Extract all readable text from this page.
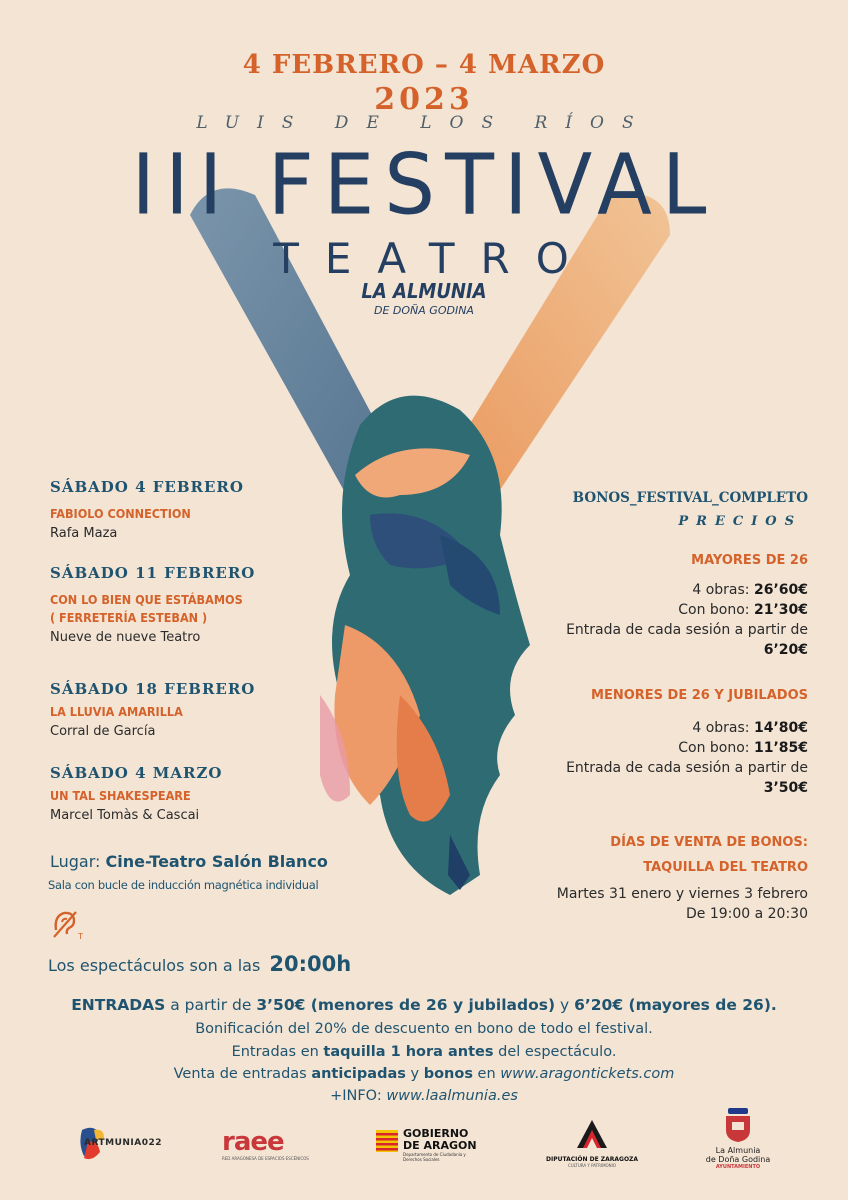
4 FEBRERO – 4 MARZO
2023
LUIS DE LOS RÍOS
III FESTIVAL
TEATRO
LA ALMUNIA
DE DOÑA GODINA
SÁBADO 4 FEBRERO
FABIOLO CONNECTION
Rafa Maza
SÁBADO 11 FEBRERO
CON LO BIEN QUE ESTÁBAMOS
( FERRETERÍA ESTEBAN )
Nueve de nueve Teatro
SÁBADO 18 FEBRERO
LA LLUVIA AMARILLA
Corral de García
SÁBADO 4 MARZO
UN TAL SHAKESPEARE
Marcel Tomàs & Cascai
Lugar: Cine-Teatro Salón Blanco
Sala con bucle de inducción magnética individual
T
Los espectáculos son a las 20:00h
BONOS_FESTIVAL_COMPLETO
PRECIOS
MAYORES DE 26
4 obras: 26’60€
Con bono: 21’30€
Entrada de cada sesión a partir de
6’20€
MENORES DE 26 Y JUBILADOS
4 obras: 14’80€
Con bono: 11’85€
Entrada de cada sesión a partir de
3’50€
DÍAS DE VENTA DE BONOS:
TAQUILLA DEL TEATRO
Martes 31 enero y viernes 3 febrero
De 19:00 a 20:30
ENTRADAS a partir de 3’50€ (menores de 26 y jubilados) y 6’20€ (mayores de 26).
Bonificación del 20% de descuento en bono de todo el festival.
Entradas en taquilla 1 hora antes del espectáculo.
Venta de entradas anticipadas y bonos en www.aragontickets.com
+INFO: www.laalmunia.es
ARTMUNIA022 raee
RED ARAGONESA DE ESPACIOS ESCÉNICOS
GOBIERNO
DE ARAGON
Departamento de Ciudadanía y Derechos Sociales	DIPUTACIÓN DE ZARAGOZA
CULTURA Y PATRIMONIO
La Almunia
de Doña Godina
AYUNTAMIENTO
